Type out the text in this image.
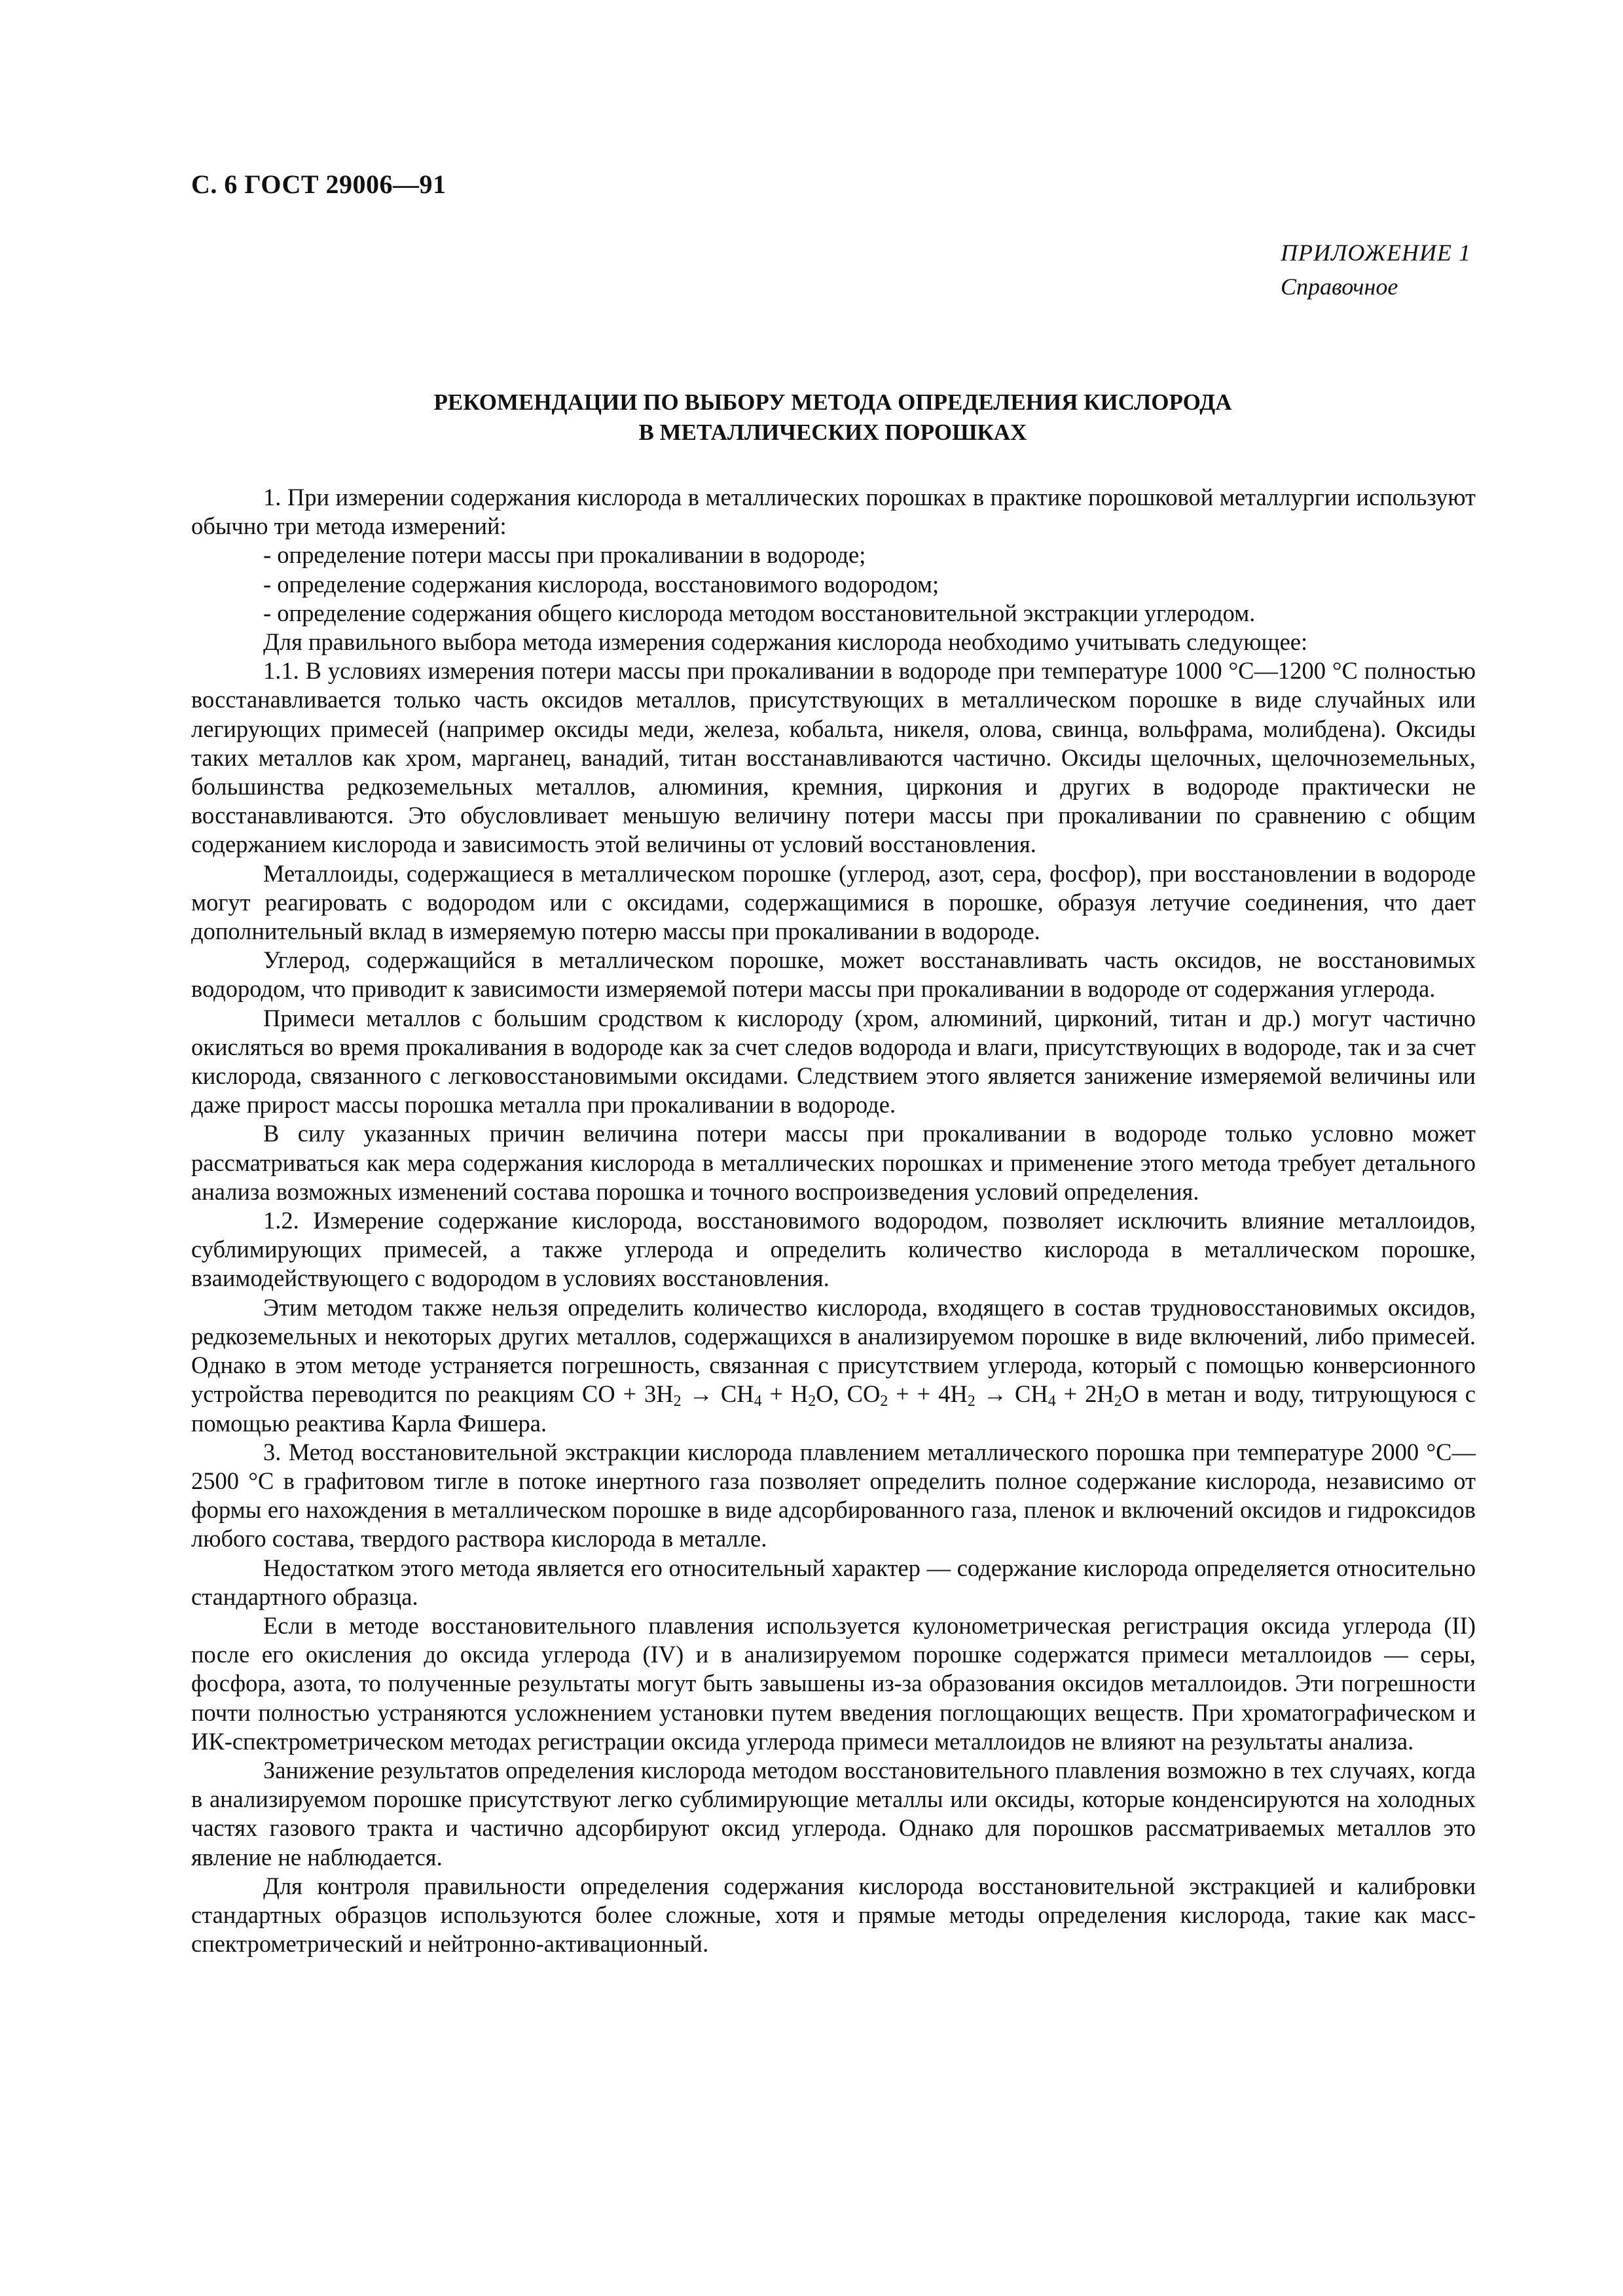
С. 6 ГОСТ 29006—91
ПРИЛОЖЕНИЕ 1
Справочное
РЕКОМЕНДАЦИИ ПО ВЫБОРУ МЕТОДА ОПРЕДЕЛЕНИЯ КИСЛОРОДА
В МЕТАЛЛИЧЕСКИХ ПОРОШКАХ

1. При измерении содержания кислорода в металлических порошках в практике порошковой металлургии используют обычно три метода измерений:

- определение потери массы при прокаливании в водороде;

- определение содержания кислорода, восстановимого водородом;

- определение содержания общего кислорода методом восстановительной экстракции углеродом.

Для правильного выбора метода измерения содержания кислорода необходимо учитывать следующее:

1.1. В условиях измерения потери массы при прокаливании в водороде при температуре 1000 °C—1200 °C полностью восстанавливается только часть оксидов металлов, присутствующих в металлическом порошке в виде случайных или легирующих примесей (например оксиды меди, железа, кобальта, никеля, олова, свинца, вольфрама, молибдена). Оксиды таких металлов как хром, марганец, ванадий, титан восстанавливаются частично. Оксиды щелочных, щелочноземельных, большинства редкоземельных металлов, алюминия, кремния, циркония и других в водороде практически не восстанавливаются. Это обусловливает меньшую величину потери массы при прокаливании по сравнению с общим содержанием кислорода и зависимость этой величины от условий восстановления.

Металлоиды, содержащиеся в металлическом порошке (углерод, азот, сера, фосфор), при восстановлении в водороде могут реагировать с водородом или с оксидами, содержащимися в порошке, образуя летучие соединения, что дает дополнительный вклад в измеряемую потерю массы при прокаливании в водороде.

Углерод, содержащийся в металлическом порошке, может восстанавливать часть оксидов, не восстановимых водородом, что приводит к зависимости измеряемой потери массы при прокаливании в водороде от содержания углерода.

Примеси металлов с большим сродством к кислороду (хром, алюминий, цирконий, титан и др.) могут частично окисляться во время прокаливания в водороде как за счет следов водорода и влаги, присутствующих в водороде, так и за счет кислорода, связанного с легковосстановимыми оксидами. Следствием этого является занижение измеряемой величины или даже прирост массы порошка металла при прокаливании в водороде.

В силу указанных причин величина потери массы при прокаливании в водороде только условно может рассматриваться как мера содержания кислорода в металлических порошках и применение этого метода требует детального анализа возможных изменений состава порошка и точного воспроизведения условий определения.

1.2. Измерение содержание кислорода, восстановимого водородом, позволяет исключить влияние металлоидов, сублимирующих примесей, а также углерода и определить количество кислорода в металлическом порошке, взаимодействующего с водородом в условиях восстановления.

Этим методом также нельзя определить количество кислорода, входящего в состав трудновосстановимых оксидов, редкоземельных и некоторых других металлов, содержащихся в анализируемом порошке в виде включений, либо примесей. Однако в этом методе устраняется погрешность, связанная с присутствием углерода, который с помощью конверсионного устройства переводится по реакциям CO + $3H_2 \to CH_4 + H_2O$, $CO_2$ + + $4H_2 \to CH_4 + 2H_2O$ в метан и воду, титрующуюся с помощью реактива Карла Фишера.

3. Метод восстановительной экстракции кислорода плавлением металлического порошка при температуре 2000 °C—2500 °C в графитовом тигле в потоке инертного газа позволяет определить полное содержание кислорода, независимо от формы его нахождения в металлическом порошке в виде адсорбированного газа, пленок и включений оксидов и гидроксидов любого состава, твердого раствора кислорода в металле.

Недостатком этого метода является его относительный характер — содержание кислорода определяется относительно стандартного образца.

Если в методе восстановительного плавления используется кулонометрическая регистрация оксида углерода (II) после его окисления до оксида углерода (IV) и в анализируемом порошке содержатся примеси металлоидов — серы, фосфора, азота, то полученные результаты могут быть завышены из-за образования оксидов металлоидов. Эти погрешности почти полностью устраняются усложнением установки путем введения поглощающих веществ. При хроматографическом и ИК-спектрометрическом методах регистрации оксида углерода примеси металлоидов не влияют на результаты анализа.

Занижение результатов определения кислорода методом восстановительного плавления возможно в тех случаях, когда в анализируемом порошке присутствуют легко сублимирующие металлы или оксиды, которые конденсируются на холодных частях газового тракта и частично адсорбируют оксид углерода. Однако для порошков рассматриваемых металлов это явление не наблюдается.

Для контроля правильности определения содержания кислорода восстановительной экстракцией и калибровки стандартных образцов используются более сложные, хотя и прямые методы определения кислорода, такие как масс-спектрометрический и нейтронно-активационный.
